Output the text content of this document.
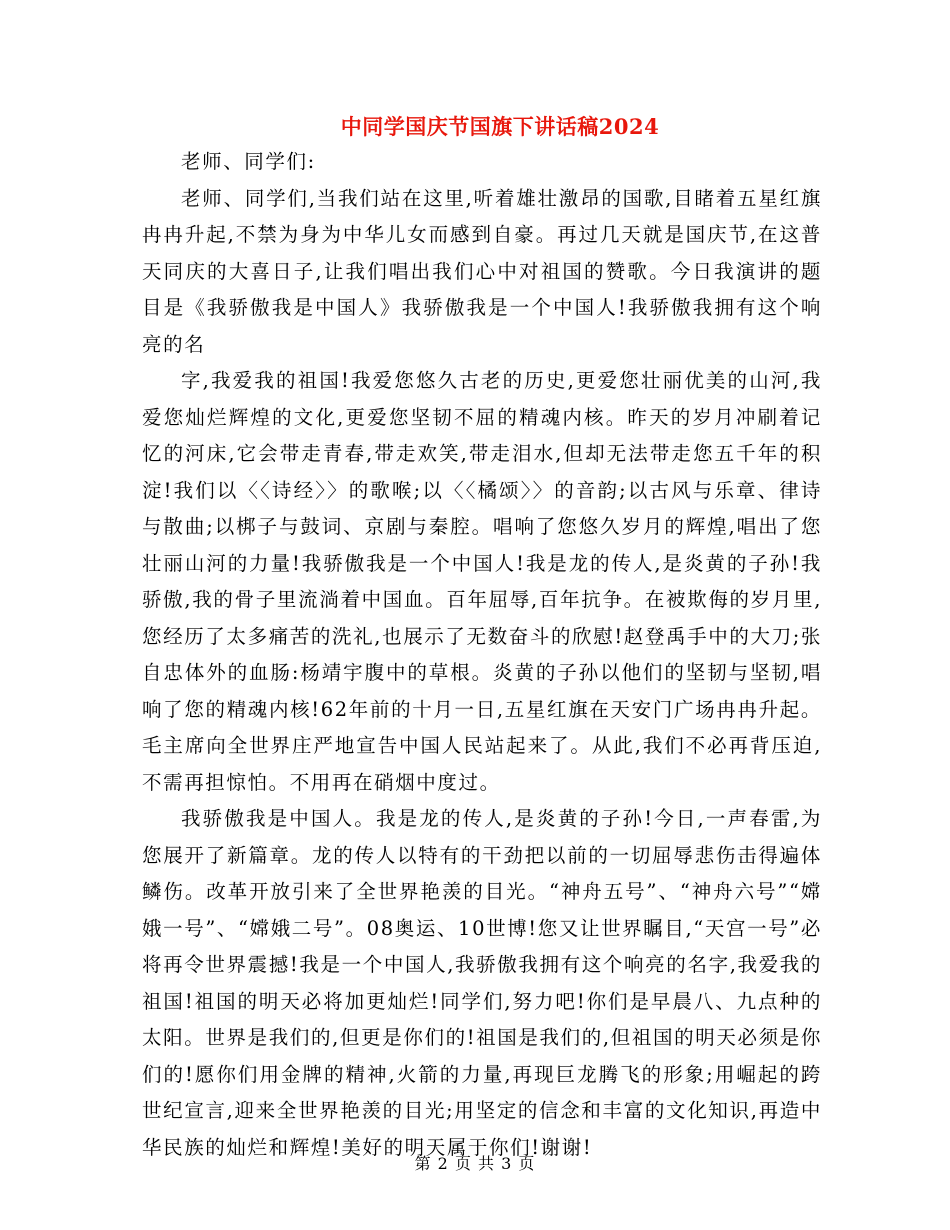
中同学国庆节国旗下讲话稿2024

老师、同学们:

老师、同学们,当我们站在这里,听着雄壮激昂的国歌,目睹着五星红旗冉冉升起,不禁为身为中华儿女而感到自豪。再过几天就是国庆节,在这普天同庆的大喜日子,让我们唱出我们心中对祖国的赞歌。今日我演讲的题目是《我骄傲我是中国人》我骄傲我是一个中国人!我骄傲我拥有这个响亮的名

字,我爱我的祖国!我爱您悠久古老的历史,更爱您壮丽优美的山河,我爱您灿烂辉煌的文化,更爱您坚韧不屈的精魂内核。昨天的岁月冲刷着记忆的河床,它会带走青春,带走欢笑,带走泪水,但却无法带走您五千年的积淀!我们以〈〈诗经〉〉的歌喉;以〈〈橘颂〉〉的音韵;以古风与乐章、律诗与散曲;以梆子与鼓词、京剧与秦腔。唱响了您悠久岁月的辉煌,唱出了您壮丽山河的力量!我骄傲我是一个中国人!我是龙的传人,是炎黄的子孙!我骄傲,我的骨子里流淌着中国血。百年屈辱,百年抗争。在被欺侮的岁月里,您经历了太多痛苦的洗礼,也展示了无数奋斗的欣慰!赵登禹手中的大刀;张自忠体外的血肠:杨靖宇腹中的草根。炎黄的子孙以他们的坚韧与坚韧,唱响了您的精魂内核!62年前的十月一日,五星红旗在天安门广场冉冉升起。毛主席向全世界庄严地宣告中国人民站起来了。从此,我们不必再背压迫,不需再担惊怕。不用再在硝烟中度过。

我骄傲我是中国人。我是龙的传人,是炎黄的子孙!今日,一声春雷,为您展开了新篇章。龙的传人以特有的干劲把以前的一切屈辱悲伤击得遍体鳞伤。改革开放引来了全世界艳羡的目光。“神舟五号”、“神舟六号”“嫦娥一号”、“嫦娥二号”。08奥运、10世博!您又让世界瞩目,“天宫一号”必将再令世界震撼!我是一个中国人,我骄傲我拥有这个响亮的名字,我爱我的祖国!祖国的明天必将加更灿烂!同学们,努力吧!你们是早晨八、九点种的太阳。世界是我们的,但更是你们的!祖国是我们的,但祖国的明天必须是你们的!愿你们用金牌的精神,火箭的力量,再现巨龙腾飞的形象;用崛起的跨世纪宣言,迎来全世界艳羡的目光;用坚定的信念和丰富的文化知识,再造中华民族的灿烂和辉煌!美好的明天属于你们!谢谢!

第 2 页 共 3 页
